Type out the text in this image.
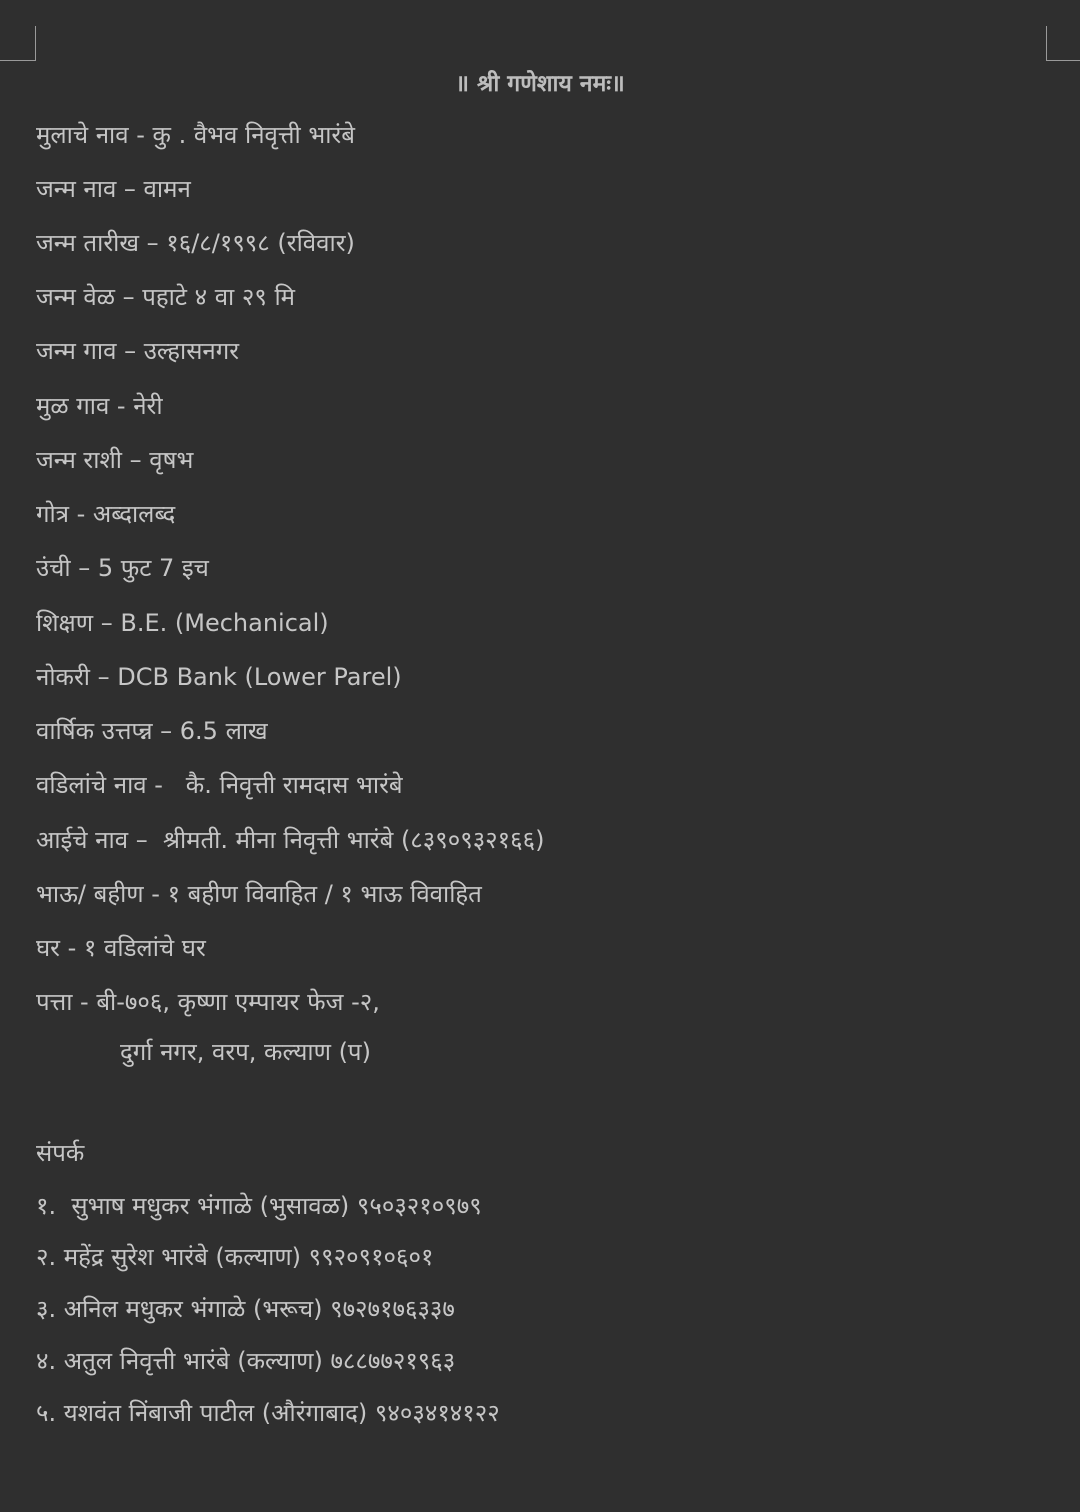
॥ श्री गणेशाय नमः॥
मुलाचे नाव - कु . वैभव निवृत्ती भारंबे
जन्म नाव – वामन
जन्म तारीख – १६/८/१९९८ (रविवार)
जन्म वेळ – पहाटे ४ वा २९ मि
जन्म गाव – उल्हासनगर
मुळ गाव - नेरी
जन्म राशी – वृषभ
गोत्र - अब्दालब्द
उंची – 5 फुट 7 इच
शिक्षण – B.E. (Mechanical)
नोकरी – DCB Bank (Lower Parel)
वार्षिक उत्तप्न्न – 6.5 लाख
वडिलांचे नाव -   कै. निवृत्ती रामदास भारंबे
आईचे नाव –  श्रीमती. मीना निवृत्ती भारंबे (८३९०९३२१६६)
भाऊ/ बहीण - १ बहीण विवाहित / १ भाऊ विवाहित
घर - १ वडिलांचे घर
पत्ता - बी-७०६, कृष्णा एम्पायर फेज -२,
दुर्गा नगर, वरप, कल्याण (प)
संपर्क
१.  सुभाष मधुकर भंगाळे (भुसावळ) ९५०३२१०९७९
२. महेंद्र सुरेश भारंबे (कल्याण) ९९२०९१०६०१
३. अनिल मधुकर भंगाळे (भरूच) ९७२७१७६३३७
४. अतुल निवृत्ती भारंबे (कल्याण) ७८८७७२१९६३
५. यशवंत निंबाजी पाटील (औरंगाबाद) ९४०३४१४१२२
